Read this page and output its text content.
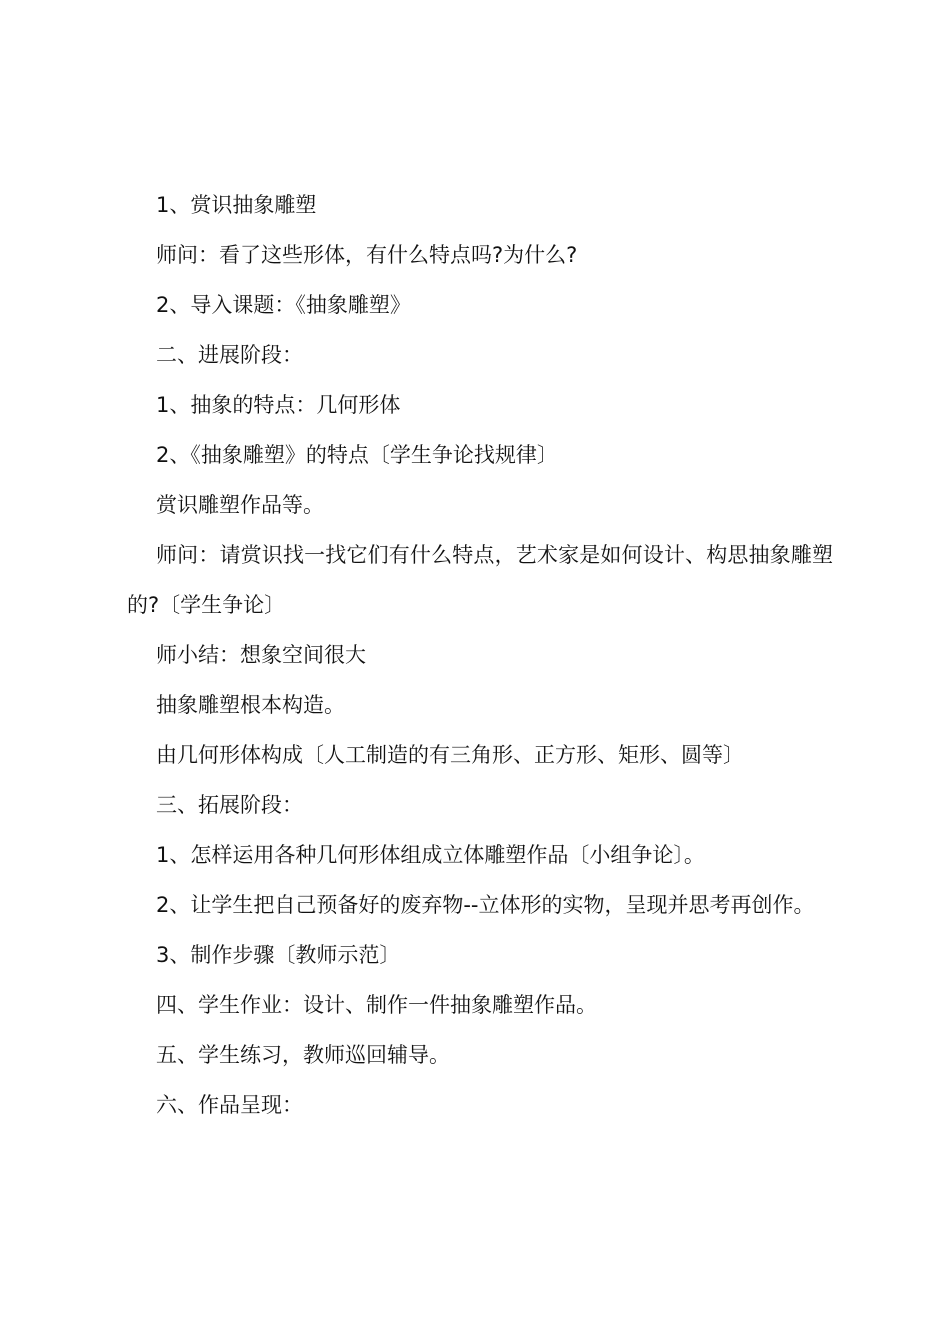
1、赏识抽象雕塑

师问：看了这些形体，有什么特点吗?为什么?

2、导入课题：《抽象雕塑》

二、进展阶段：

1、抽象的特点：几何形体

2、《抽象雕塑》的特点〔学生争论找规律〕

赏识雕塑作品等。

师问：请赏识找一找它们有什么特点，艺术家是如何设计、构思抽象雕塑的?〔学生争论〕

师小结：想象空间很大

抽象雕塑根本构造。

由几何形体构成〔人工制造的有三角形、正方形、矩形、圆等〕

三、拓展阶段：

1、怎样运用各种几何形体组成立体雕塑作品〔小组争论〕。

2、让学生把自己预备好的废弃物--立体形的实物，呈现并思考再创作。

3、制作步骤〔教师示范〕

四、学生作业：设计、制作一件抽象雕塑作品。

五、学生练习，教师巡回辅导。

六、作品呈现：
